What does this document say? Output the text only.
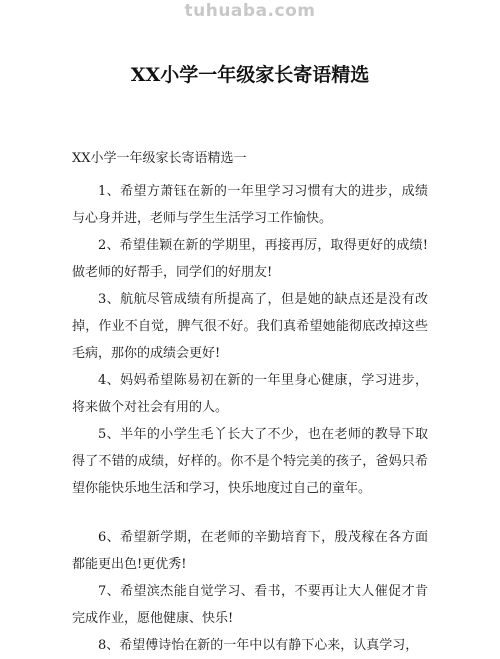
tuhuaba.com
XX小学一年级家长寄语精选

XX小学一年级家长寄语精选一

1、希望方萧钰在新的一年里学习习惯有大的进步，成绩与心身并进，老师与学生生活学习工作愉快。

2、希望佳颖在新的学期里，再接再厉，取得更好的成绩!做老师的好帮手，同学们的好朋友!

3、航航尽管成绩有所提高了，但是她的缺点还是没有改掉，作业不自觉，脾气很不好。我们真希望她能彻底改掉这些毛病，那你的成绩会更好!

4、妈妈希望陈易初在新的一年里身心健康，学习进步，将来做个对社会有用的人。

5、半年的小学生毛丫长大了不少，也在老师的教导下取得了不错的成绩，好样的。你不是个特完美的孩子，爸妈只希望你能快乐地生活和学习，快乐地度过自己的童年。

6、希望新学期，在老师的辛勤培育下，殷茂稼在各方面都能更出色!更优秀!

7、希望滨杰能自觉学习、看书，不要再让大人催促才肯完成作业，愿他健康、快乐!

8、希望傅诗怡在新的一年中以有静下心来，认真学习，
